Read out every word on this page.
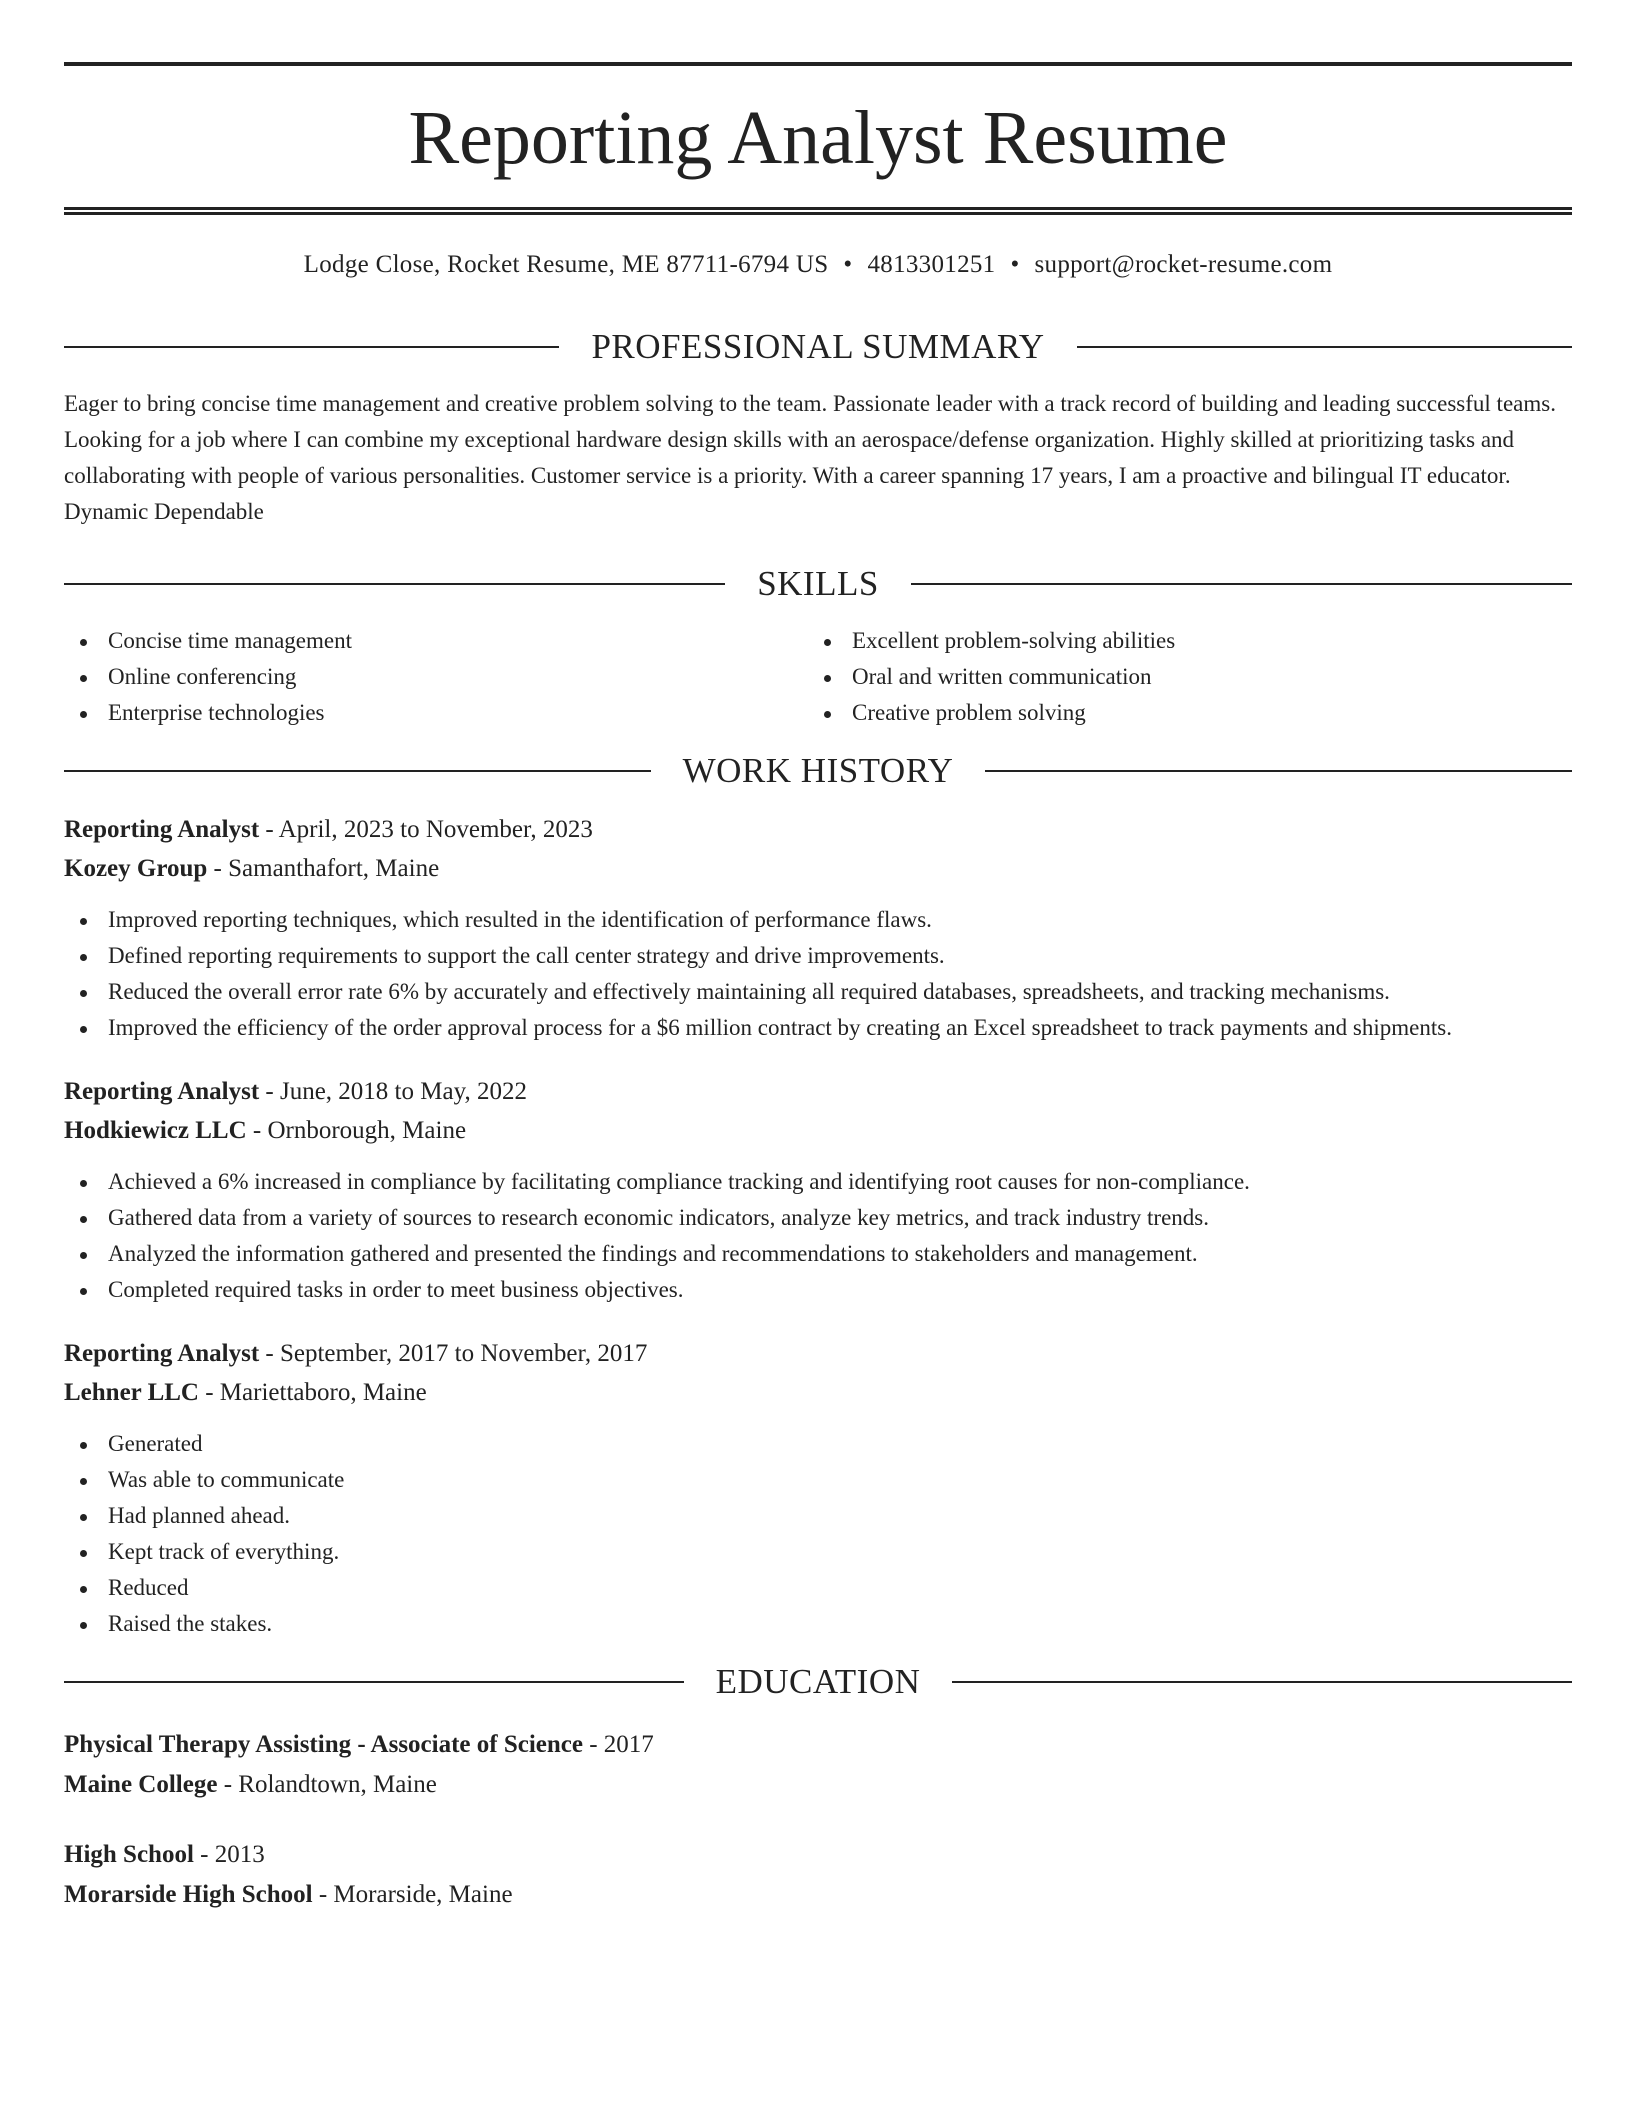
Reporting Analyst Resume
Lodge Close, Rocket Resume, ME 87711-6794 US • 4813301251 • support@rocket-resume.com
PROFESSIONAL SUMMARY

Eager to bring concise time management and creative problem solving to the team. Passionate leader with a track record of building and leading successful teams. Looking for a job where I can combine my exceptional hardware design skills with an aerospace/defense organization. Highly skilled at prioritizing tasks and collaborating with people of various personalities. Customer service is a priority. With a career spanning 17 years, I am a proactive and bilingual IT educator. Dynamic Dependable

SKILLS
Concise time management
Online conferencing
Enterprise technologies
Excellent problem-solving abilities
Oral and written communication
Creative problem solving
WORK HISTORY
Reporting Analyst - April, 2023 to November, 2023
Kozey Group - Samanthafort, Maine
Improved reporting techniques, which resulted in the identification of performance flaws.
Defined reporting requirements to support the call center strategy and drive improvements.
Reduced the overall error rate 6% by accurately and effectively maintaining all required databases, spreadsheets, and tracking mechanisms.
Improved the efficiency of the order approval process for a $6 million contract by creating an Excel spreadsheet to track payments and shipments.
Reporting Analyst - June, 2018 to May, 2022
Hodkiewicz LLC - Ornborough, Maine
Achieved a 6% increased in compliance by facilitating compliance tracking and identifying root causes for non-compliance.
Gathered data from a variety of sources to research economic indicators, analyze key metrics, and track industry trends.
Analyzed the information gathered and presented the findings and recommendations to stakeholders and management.
Completed required tasks in order to meet business objectives.
Reporting Analyst - September, 2017 to November, 2017
Lehner LLC - Mariettaboro, Maine
Generated
Was able to communicate
Had planned ahead.
Kept track of everything.
Reduced
Raised the stakes.
EDUCATION
Physical Therapy Assisting - Associate of Science - 2017
Maine College - Rolandtown, Maine
High School - 2013
Morarside High School - Morarside, Maine
